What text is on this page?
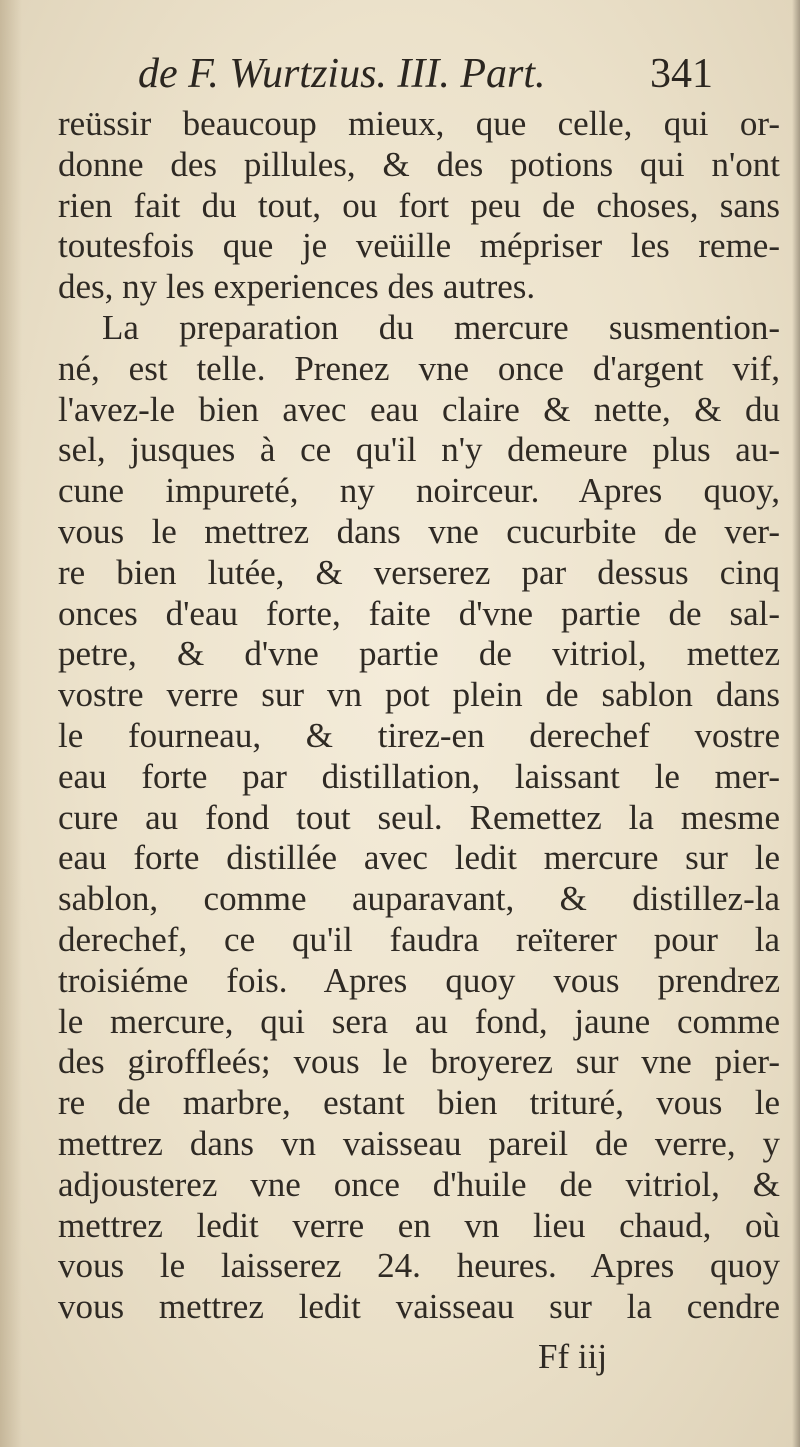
de F. Wurtzius. III. Part. 341
reüssir beaucoup mieux, que celle, qui or-
donne des pillules, & des potions qui n'ont
rien fait du tout, ou fort peu de choses, sans
toutesfois que je veüille mépriser les reme-
des, ny les experiences des autres.
La preparation du mercure susmention-
né, est telle. Prenez vne once d'argent vif,
l'avez-le bien avec eau claire & nette, & du
sel, jusques à ce qu'il n'y demeure plus au-
cune impureté, ny noirceur. Apres quoy,
vous le mettrez dans vne cucurbite de ver-
re bien lutée, & verserez par dessus cinq
onces d'eau forte, faite d'vne partie de sal-
petre, & d'vne partie de vitriol, mettez
vostre verre sur vn pot plein de sablon dans
le fourneau, & tirez-en derechef vostre
eau forte par distillation, laissant le mer-
cure au fond tout seul. Remettez la mesme
eau forte distillée avec ledit mercure sur le
sablon, comme auparavant, & distillez-la
derechef, ce qu'il faudra reïterer pour la
troisiéme fois. Apres quoy vous prendrez
le mercure, qui sera au fond, jaune comme
des giroffleés; vous le broyerez sur vne pier-
re de marbre, estant bien trituré, vous le
mettrez dans vn vaisseau pareil de verre, y
adjousterez vne once d'huile de vitriol, &
mettrez ledit verre en vn lieu chaud, où
vous le laisserez 24. heures. Apres quoy
vous mettrez ledit vaisseau sur la cendre
Ff iij
